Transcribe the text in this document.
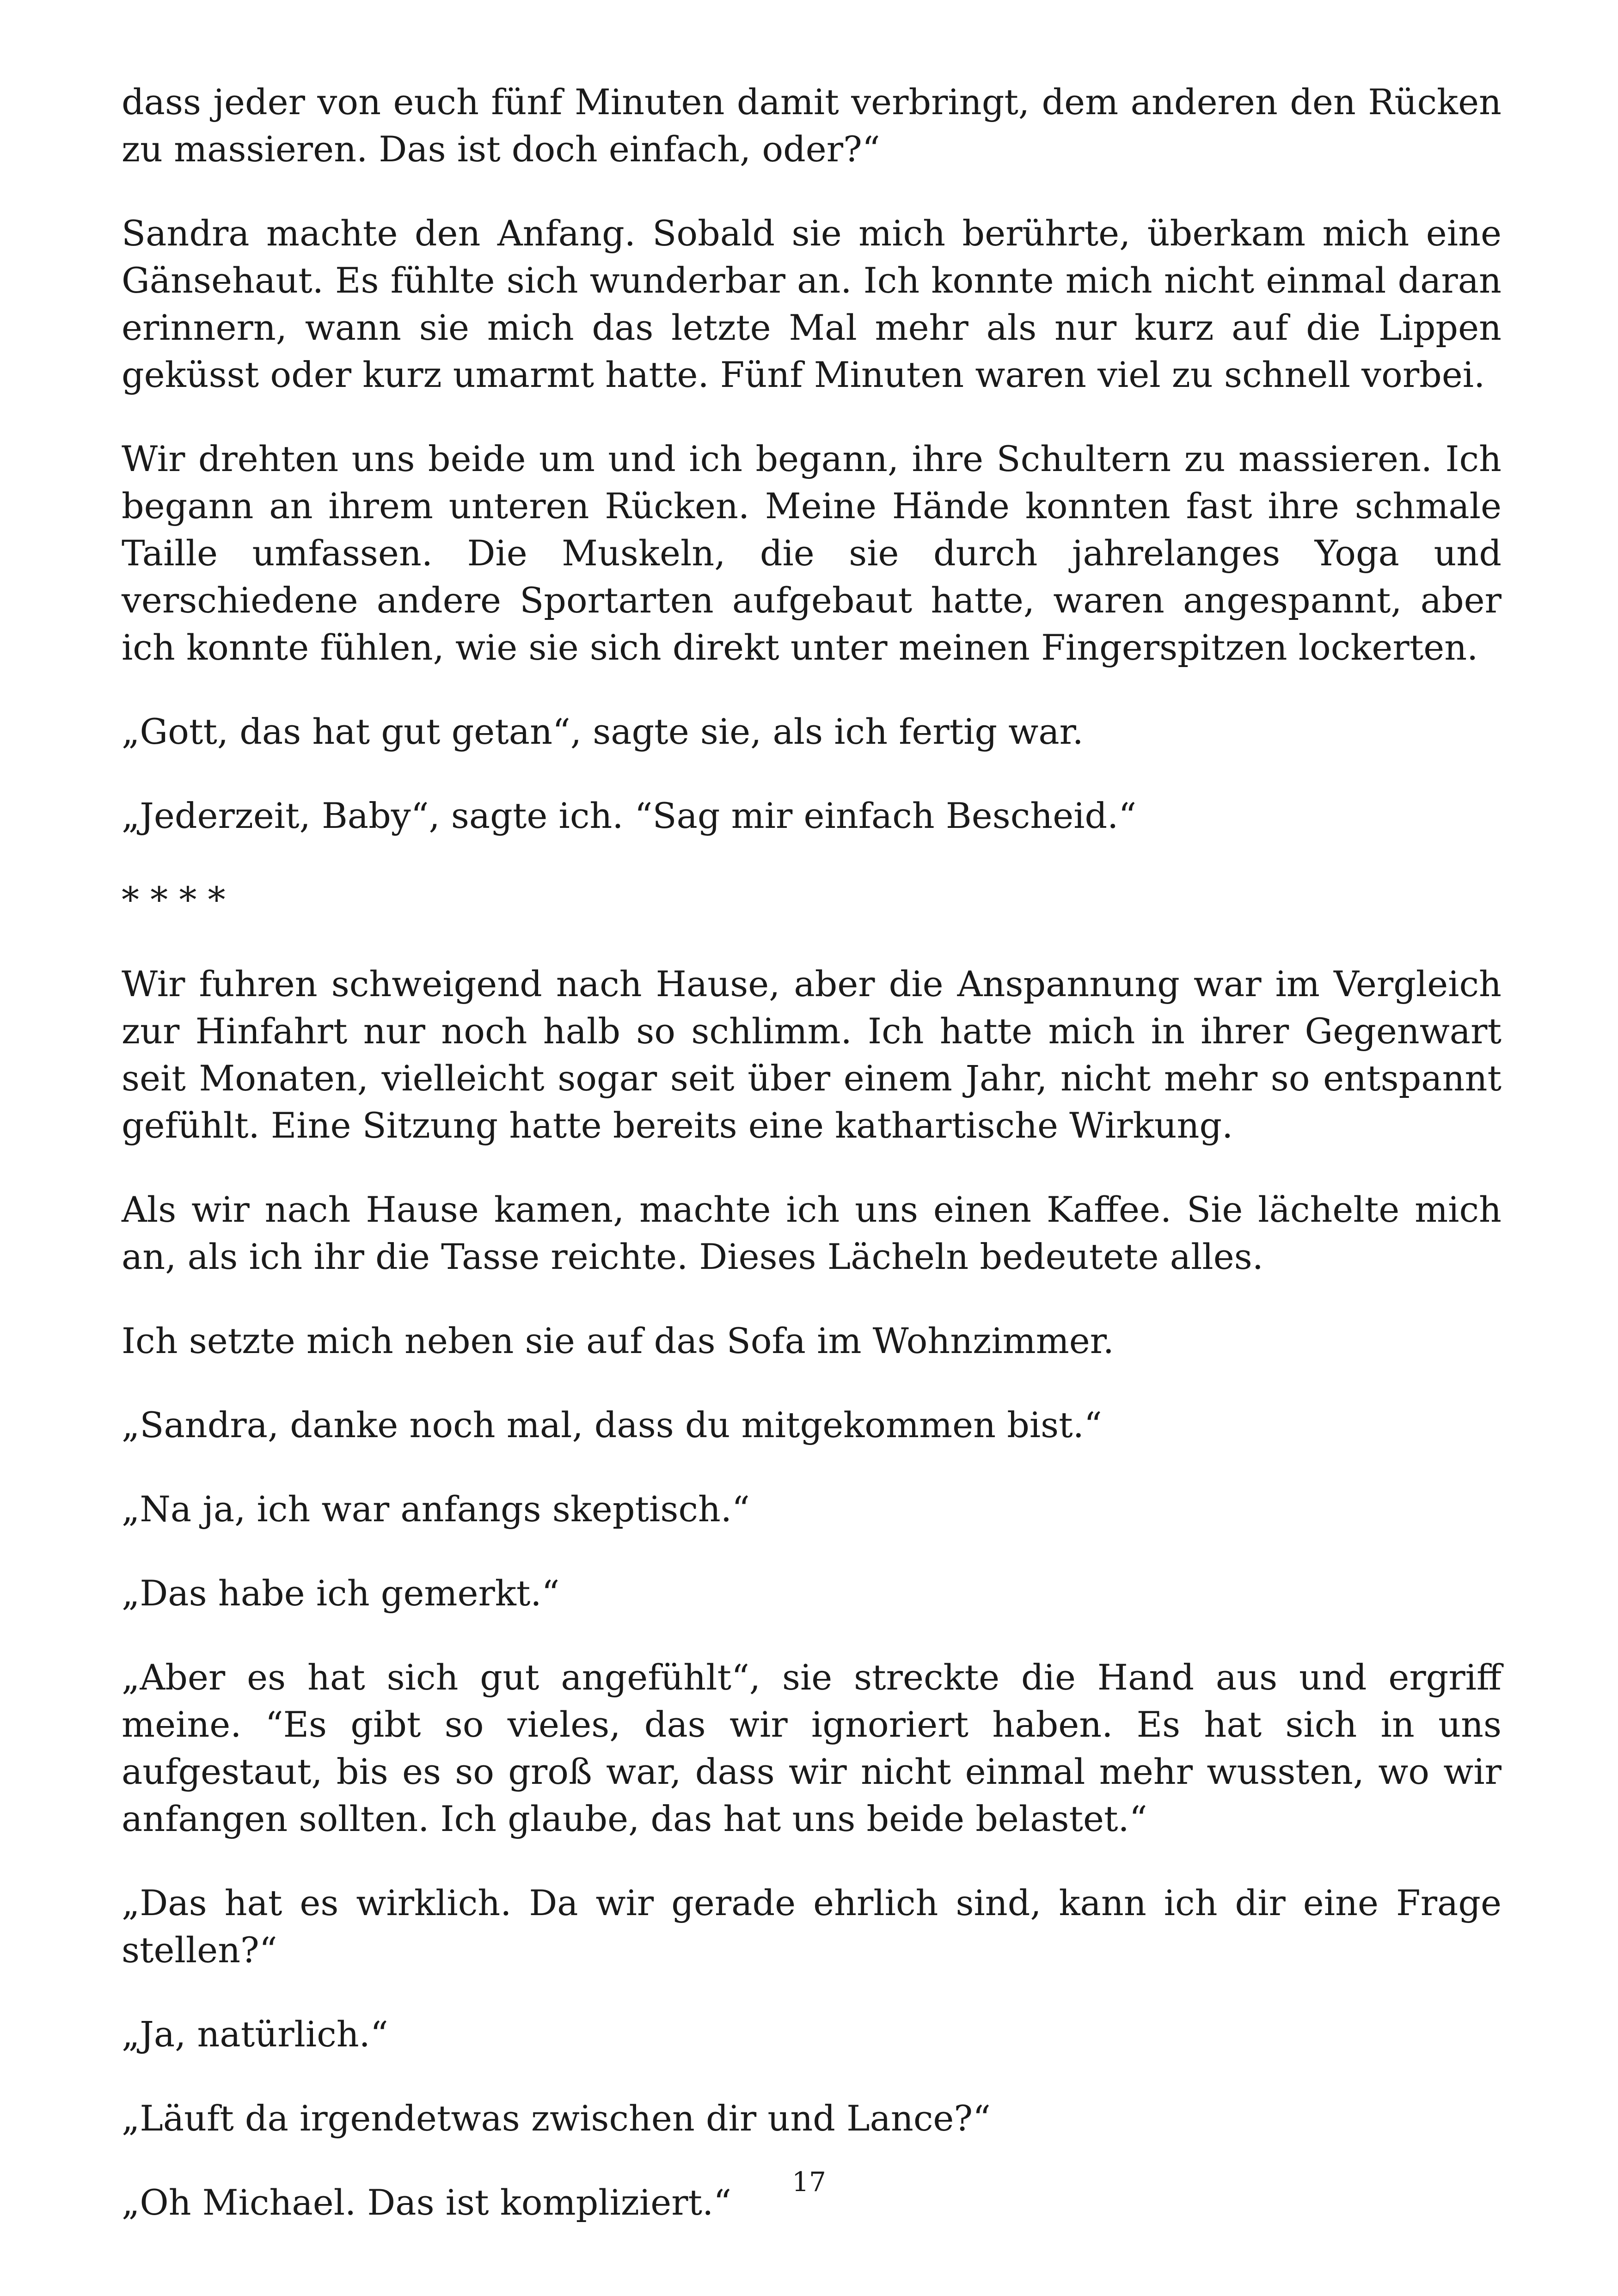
dass jeder von euch fünf Minuten damit verbringt, dem anderen den Rücken zu massieren. Das ist doch einfach, oder?“

Sandra machte den Anfang. Sobald sie mich berührte, überkam mich eine Gänsehaut. Es fühlte sich wunderbar an. Ich konnte mich nicht einmal daran erinnern, wann sie mich das letzte Mal mehr als nur kurz auf die Lippen geküsst oder kurz umarmt hatte. Fünf Minuten waren viel zu schnell vorbei.

Wir drehten uns beide um und ich begann, ihre Schultern zu massieren. Ich begann an ihrem unteren Rücken. Meine Hände konnten fast ihre schmale Taille umfassen. Die Muskeln, die sie durch jahrelanges Yoga und verschiedene andere Sportarten aufgebaut hatte, waren angespannt, aber ich konnte fühlen, wie sie sich direkt unter meinen Fingerspitzen lockerten.

„Gott, das hat gut getan“, sagte sie, als ich fertig war.

„Jederzeit, Baby“, sagte ich. “Sag mir einfach Bescheid.“

* * * *

Wir fuhren schweigend nach Hause, aber die Anspannung war im Vergleich zur Hinfahrt nur noch halb so schlimm. Ich hatte mich in ihrer Gegenwart seit Monaten, vielleicht sogar seit über einem Jahr, nicht mehr so entspannt gefühlt. Eine Sitzung hatte bereits eine kathartische Wirkung.

Als wir nach Hause kamen, machte ich uns einen Kaffee. Sie lächelte mich an, als ich ihr die Tasse reichte. Dieses Lächeln bedeutete alles.

Ich setzte mich neben sie auf das Sofa im Wohnzimmer.

„Sandra, danke noch mal, dass du mitgekommen bist.“

„Na ja, ich war anfangs skeptisch.“

„Das habe ich gemerkt.“

„Aber es hat sich gut angefühlt“, sie streckte die Hand aus und ergriff meine. “Es gibt so vieles, das wir ignoriert haben. Es hat sich in uns aufgestaut, bis es so groß war, dass wir nicht einmal mehr wussten, wo wir anfangen sollten. Ich glaube, das hat uns beide belastet.“

„Das hat es wirklich. Da wir gerade ehrlich sind, kann ich dir eine Frage stellen?“

„Ja, natürlich.“

„Läuft da irgendetwas zwischen dir und Lance?“

„Oh Michael. Das ist kompliziert.“	17
